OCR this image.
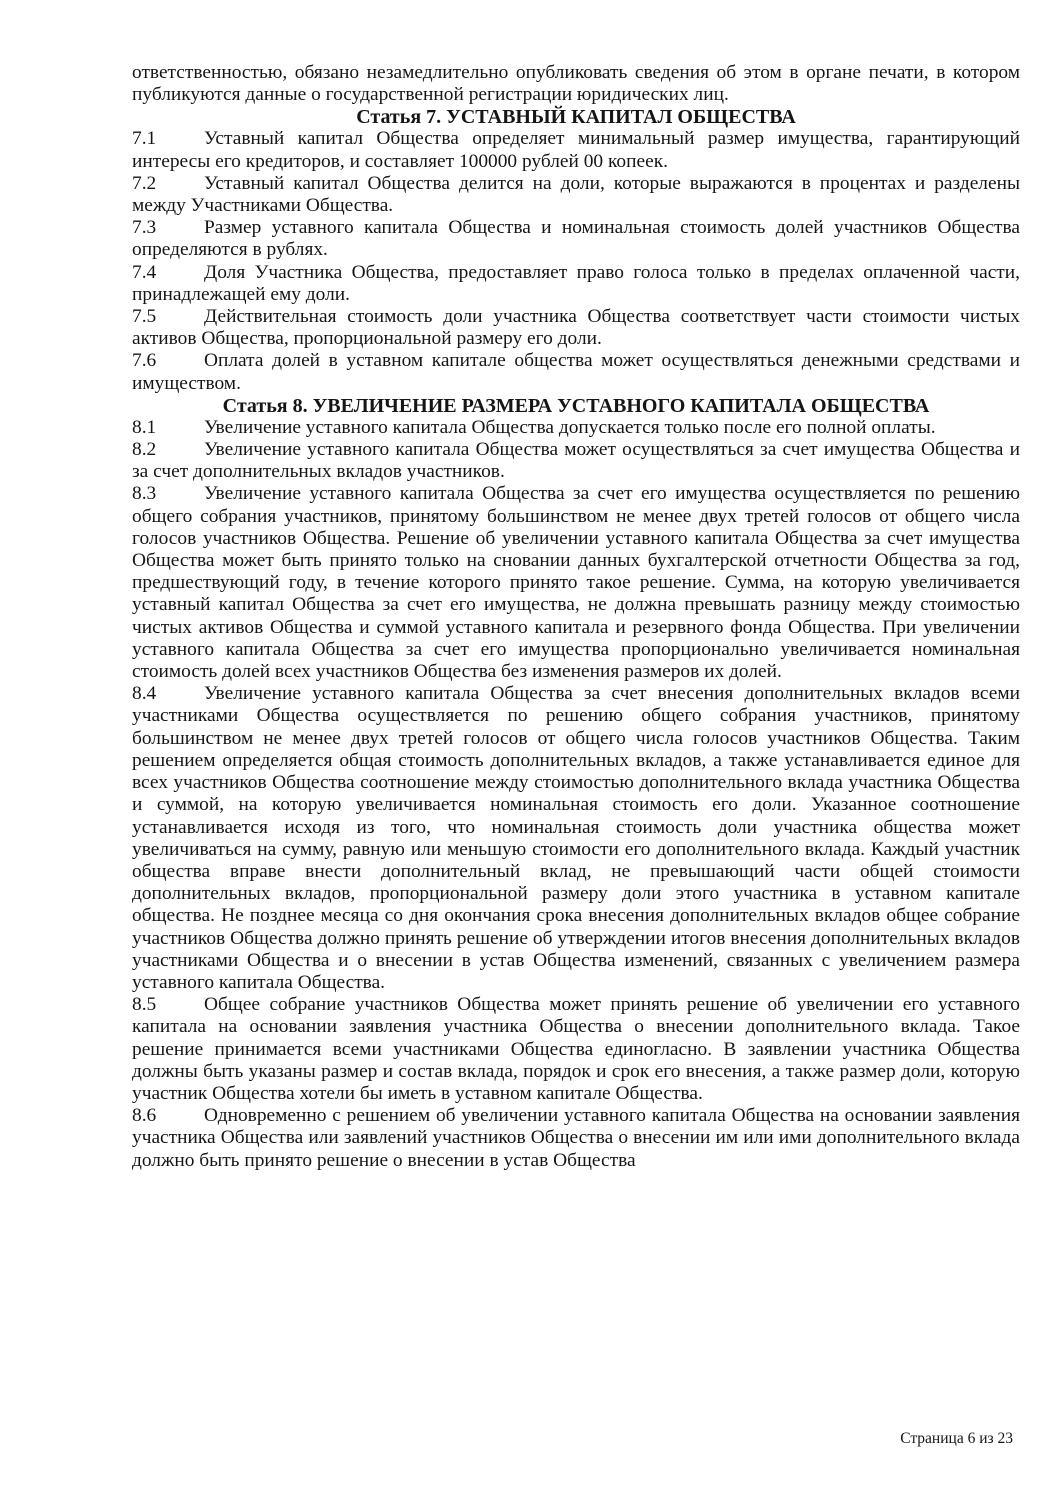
ответственностью, обязано незамедлительно опубликовать сведения об этом в органе печати, в котором публикуются данные о государственной регистрации юридических лиц.

Статья 7. УСТАВНЫЙ КАПИТАЛ ОБЩЕСТВА

7.1 Уставный капитал Общества определяет минимальный размер имущества, гарантирующий интересы его кредиторов, и составляет 100000 рублей 00 копеек.

7.2 Уставный капитал Общества делится на доли, которые выражаются в процентах и разделены между Участниками Общества.

7.3 Размер уставного капитала Общества и номинальная стоимость долей участников Общества определяются в рублях.

7.4 Доля Участника Общества, предоставляет право голоса только в пределах оплаченной части, принадлежащей ему доли.

7.5 Действительная стоимость доли участника Общества соответствует части стоимости чистых активов Общества, пропорциональной размеру его доли.

7.6 Оплата долей в уставном капитале общества может осуществляться денежными средствами и имуществом.

Статья 8. УВЕЛИЧЕНИЕ РАЗМЕРА УСТАВНОГО КАПИТАЛА ОБЩЕСТВА

8.1 Увеличение уставного капитала Общества допускается только после его полной оплаты.

8.2 Увеличение уставного капитала Общества может осуществляться за счет имущества Общества и за счет дополнительных вкладов участников.

8.3 Увеличение уставного капитала Общества за счет его имущества осуществляется по решению общего собрания участников, принятому большинством не менее двух третей голосов от общего числа голосов участников Общества. Решение об увеличении уставного капитала Общества за счет имущества Общества может быть принято только на сновании данных бухгалтерской отчетности Общества за год, предшествующий году, в течение которого принято такое решение. Сумма, на которую увеличивается уставный капитал Общества за счет его имущества, не должна превышать разницу между стоимостью чистых активов Общества и суммой уставного капитала и резервного фонда Общества. При увеличении уставного капитала Общества за счет его имущества пропорционально увеличивается номинальная стоимость долей всех участников Общества без изменения размеров их долей.

8.4 Увеличение уставного капитала Общества за счет внесения дополнительных вкладов всеми участниками Общества осуществляется по решению общего собрания участников, принятому большинством не менее двух третей голосов от общего числа голосов участников Общества. Таким решением определяется общая стоимость дополнительных вкладов, а также устанавливается единое для всех участников Общества соотношение между стоимостью дополнительного вклада участника Общества и суммой, на которую увеличивается номинальная стоимость его доли. Указанное соотношение устанавливается исходя из того, что номинальная стоимость доли участника общества может увеличиваться на сумму, равную или меньшую стоимости его дополнительного вклада. Каждый участник общества вправе внести дополнительный вклад, не превышающий части общей стоимости дополнительных вкладов, пропорциональной размеру доли этого участника в уставном капитале общества. Не позднее месяца со дня окончания срока внесения дополнительных вкладов общее собрание участников Общества должно принять решение об утверждении итогов внесения дополнительных вкладов участниками Общества и о внесении в устав Общества изменений, связанных с увеличением размера уставного капитала Общества.

8.5 Общее собрание участников Общества может принять решение об увеличении его уставного капитала на основании заявления участника Общества о внесении дополнительного вклада. Такое решение принимается всеми участниками Общества единогласно. В заявлении участника Общества должны быть указаны размер и состав вклада, порядок и срок его внесения, а также размер доли, которую участник Общества хотели бы иметь в уставном капитале Общества.

8.6 Одновременно с решением об увеличении уставного капитала Общества на основании заявления участника Общества или заявлений участников Общества о внесении им или ими дополнительного вклада должно быть принято решение о внесении в устав Общества

Страница 6 из 23
